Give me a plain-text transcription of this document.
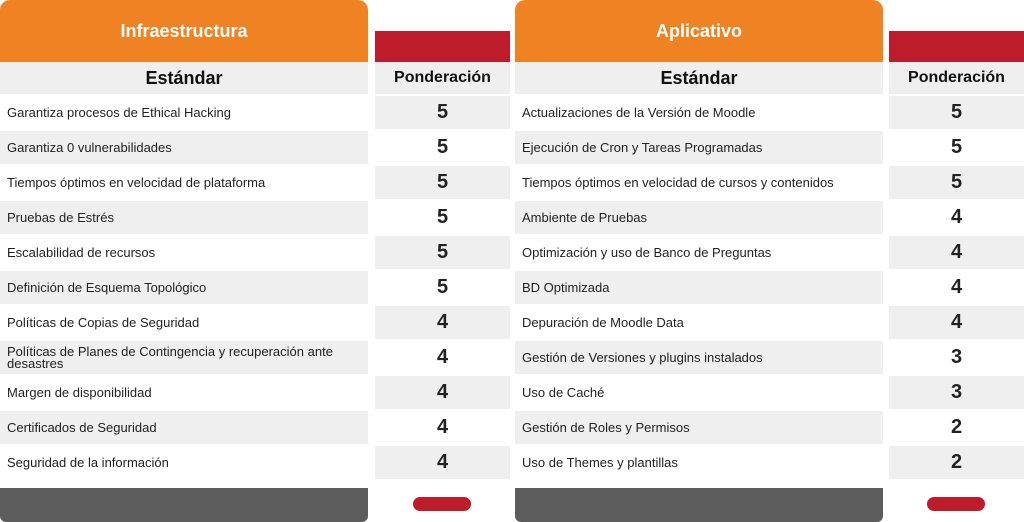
Infraestructura
Estándar
Garantiza procesos de Ethical Hacking
Garantiza 0 vulnerabilidades
Tiempos óptimos en velocidad de plataforma
Pruebas de Estrés
Escalabilidad de recursos
Definición de Esquema Topológico
Políticas de Copias de Seguridad
Políticas de Planes de Contingencia y recuperación ante desastres
Margen de disponibilidad
Certificados de Seguridad
Seguridad de la información
Ponderación
5
5
5
5
5
5
4
4
4
4
4
Aplicativo
Estándar
Actualizaciones de la Versión de Moodle
Ejecución de Cron y Tareas Programadas
Tiempos óptimos en velocidad de cursos y contenidos
Ambiente de Pruebas
Optimización y uso de Banco de Preguntas
BD Optimizada
Depuración de Moodle Data
Gestión de Versiones y plugins instalados
Uso de Caché
Gestión de Roles y Permisos
Uso de Themes y plantillas
Ponderación
5
5
5
4
4
4
4
3
3
2
2
